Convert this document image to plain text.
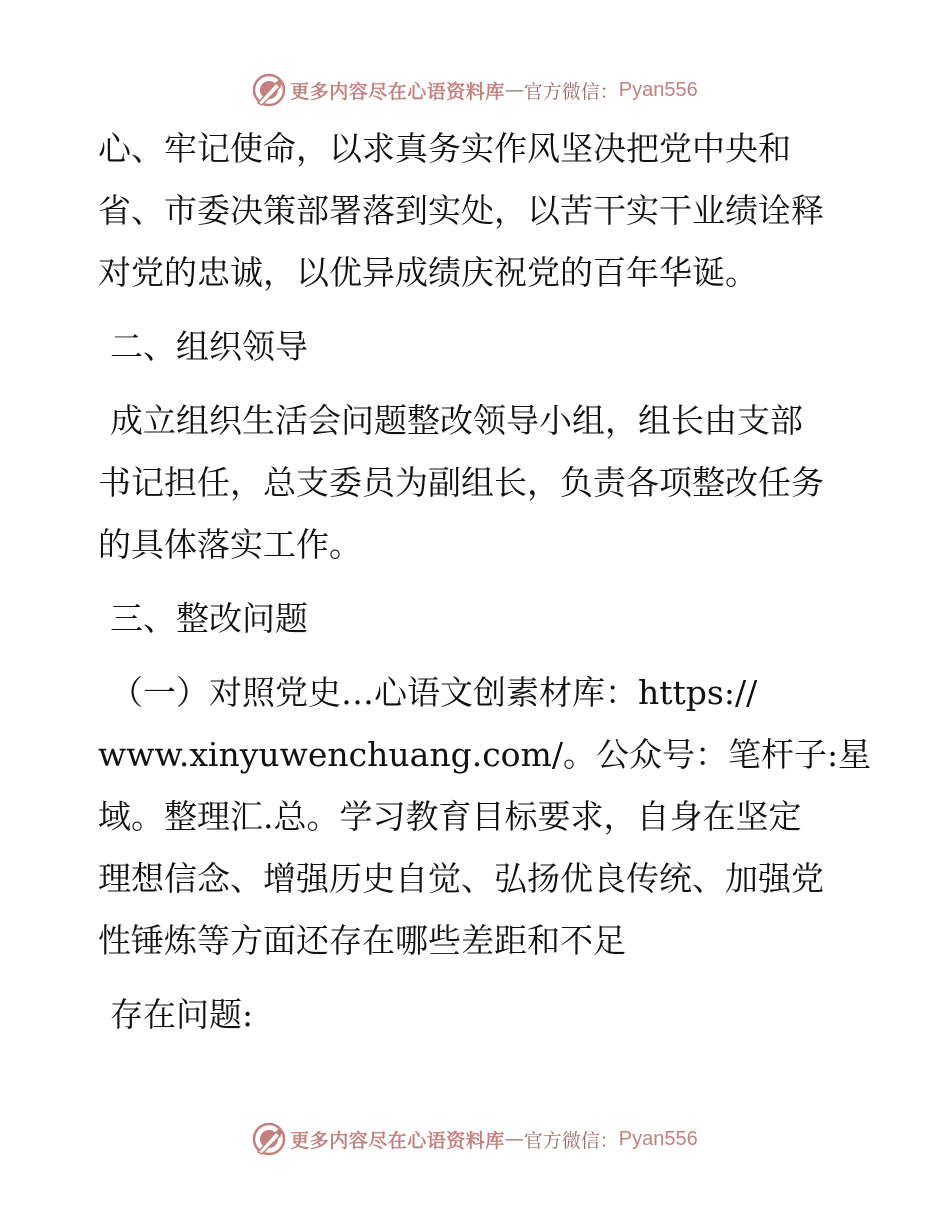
更多内容尽在心语资料库 — 官方微信： Pyan556
心、牢记使命，以求真务实作风坚决把党中央和
省、市委决策部署落到实处，以苦干实干业绩诠释
对党的忠诚，以优异成绩庆祝党的百年华诞。
二、组织领导
成立组织生活会问题整改领导小组，组长由支部
书记担任，总支委员为副组长，负责各项整改任务
的具体落实工作。
三、整改问题
（一）对照党史…心语文创素材库：https://
www.xinyuwenchuang.com/。公众号：笔杆子:星
域。整理汇.总。学习教育目标要求，自身在坚定
理想信念、增强历史自觉、弘扬优良传统、加强党
性锤炼等方面还存在哪些差距和不足
存在问题:
更多内容尽在心语资料库 — 官方微信： Pyan556
